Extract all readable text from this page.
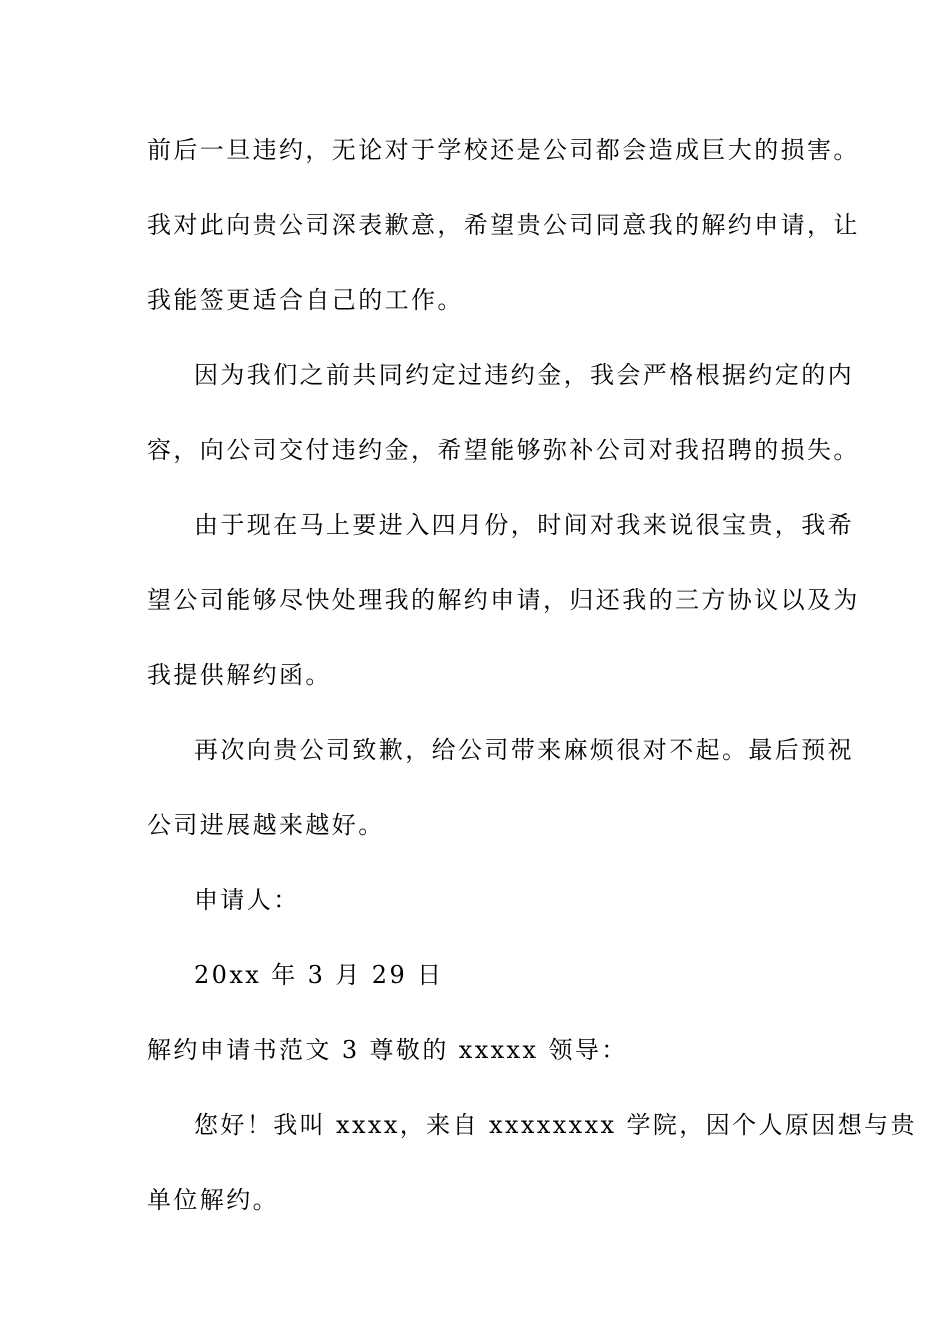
前后一旦违约，无论对于学校还是公司都会造成巨大的损害。
我对此向贵公司深表歉意，希望贵公司同意我的解约申请，让
我能签更适合自己的工作。
因为我们之前共同约定过违约金，我会严格根据约定的内
容，向公司交付违约金，希望能够弥补公司对我招聘的损失。
由于现在马上要进入四月份，时间对我来说很宝贵，我希
望公司能够尽快处理我的解约申请，归还我的三方协议以及为
我提供解约函。
再次向贵公司致歉，给公司带来麻烦很对不起。最后预祝
公司进展越来越好。
申请人：
20xx 年 3 月 29 日
解约申请书范文 3 尊敬的 xxxxx 领导：
您好！我叫 xxxx，来自 xxxxxxxx 学院，因个人原因想与贵
单位解约。
